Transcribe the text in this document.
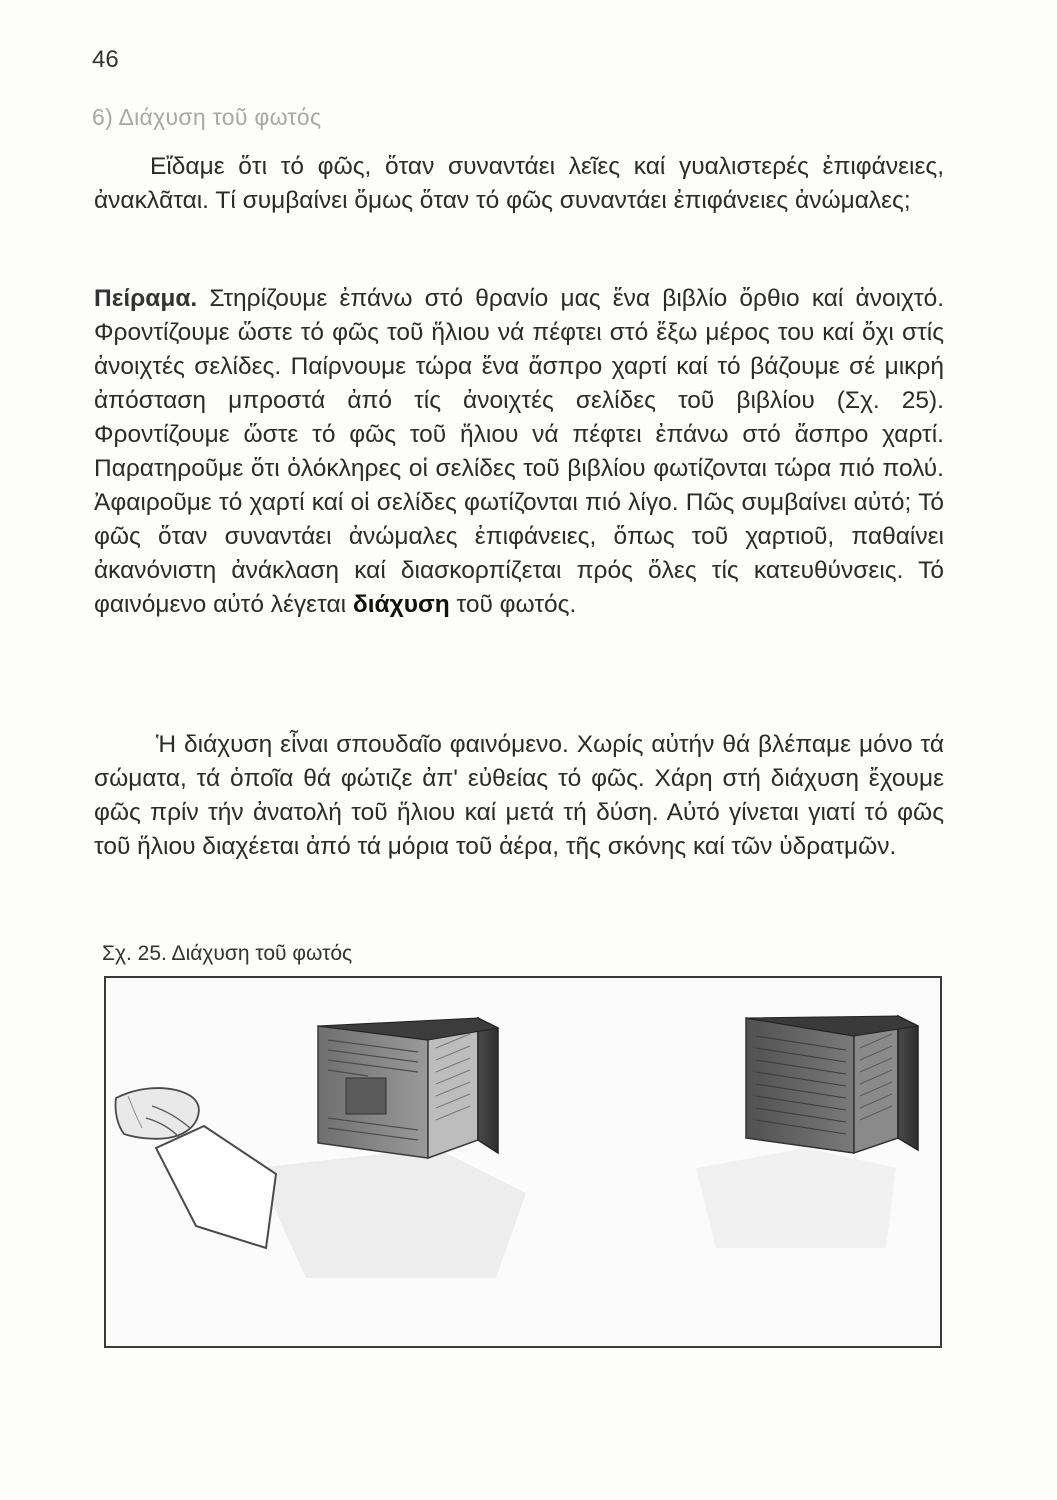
46
6) Διάχυση τοῦ φωτός

Εἴδαμε ὅτι τό φῶς, ὅταν συναντάει λεῖες καί γυαλιστερές ἐπιφάνειες, ἀνακλᾶται. Τί συμβαίνει ὅμως ὅταν τό φῶς συναντάει ἐπιφάνειες ἀνώμαλες;

Πείραμα. Στηρίζουμε ἐπάνω στό θρανίο μας ἕνα βιβλίο ὄρθιο καί ἀνοιχτό. Φροντίζουμε ὥστε τό φῶς τοῦ ἥλιου νά πέφτει στό ἔξω μέρος του καί ὄχι στίς ἀνοιχτές σελίδες. Παίρνουμε τώρα ἕνα ἄσπρο χαρτί καί τό βάζουμε σέ μικρή ἀπόσταση μπροστά ἀπό τίς ἀνοιχτές σελίδες τοῦ βιβλίου (Σχ. 25). Φροντίζουμε ὥστε τό φῶς τοῦ ἥλιου νά πέφτει ἐπάνω στό ἄσπρο χαρτί. Παρατηροῦμε ὅτι ὁλόκληρες οἱ σελίδες τοῦ βιβλίου φωτίζονται τώρα πιό πολύ. Ἀφαιροῦμε τό χαρτί καί οἱ σελίδες φωτίζονται πιό λίγο. Πῶς συμβαίνει αὐτό; Τό φῶς ὅταν συναντάει ἀνώμαλες ἐπιφάνειες, ὅπως τοῦ χαρτιοῦ, παθαίνει ἀκανόνιστη ἀνάκλαση καί διασκορπίζεται πρός ὅλες τίς κατευθύνσεις. Τό φαινόμενο αὐτό λέγεται διάχυση τοῦ φωτός.

Ἡ διάχυση εἶναι σπουδαῖο φαινόμενο. Χωρίς αὐτήν θά βλέπαμε μόνο τά σώματα, τά ὁποῖα θά φώτιζε ἀπ' εὐθείας τό φῶς. Χάρη στή διάχυση ἔχουμε φῶς πρίν τήν ἀνατολή τοῦ ἥλιου καί μετά τή δύση. Αὐτό γίνεται γιατί τό φῶς τοῦ ἥλιου διαχέεται ἀπό τά μόρια τοῦ ἀέρα, τῆς σκόνης καί τῶν ὑδρατμῶν.

Σχ. 25. Διάχυση τοῦ φωτός
